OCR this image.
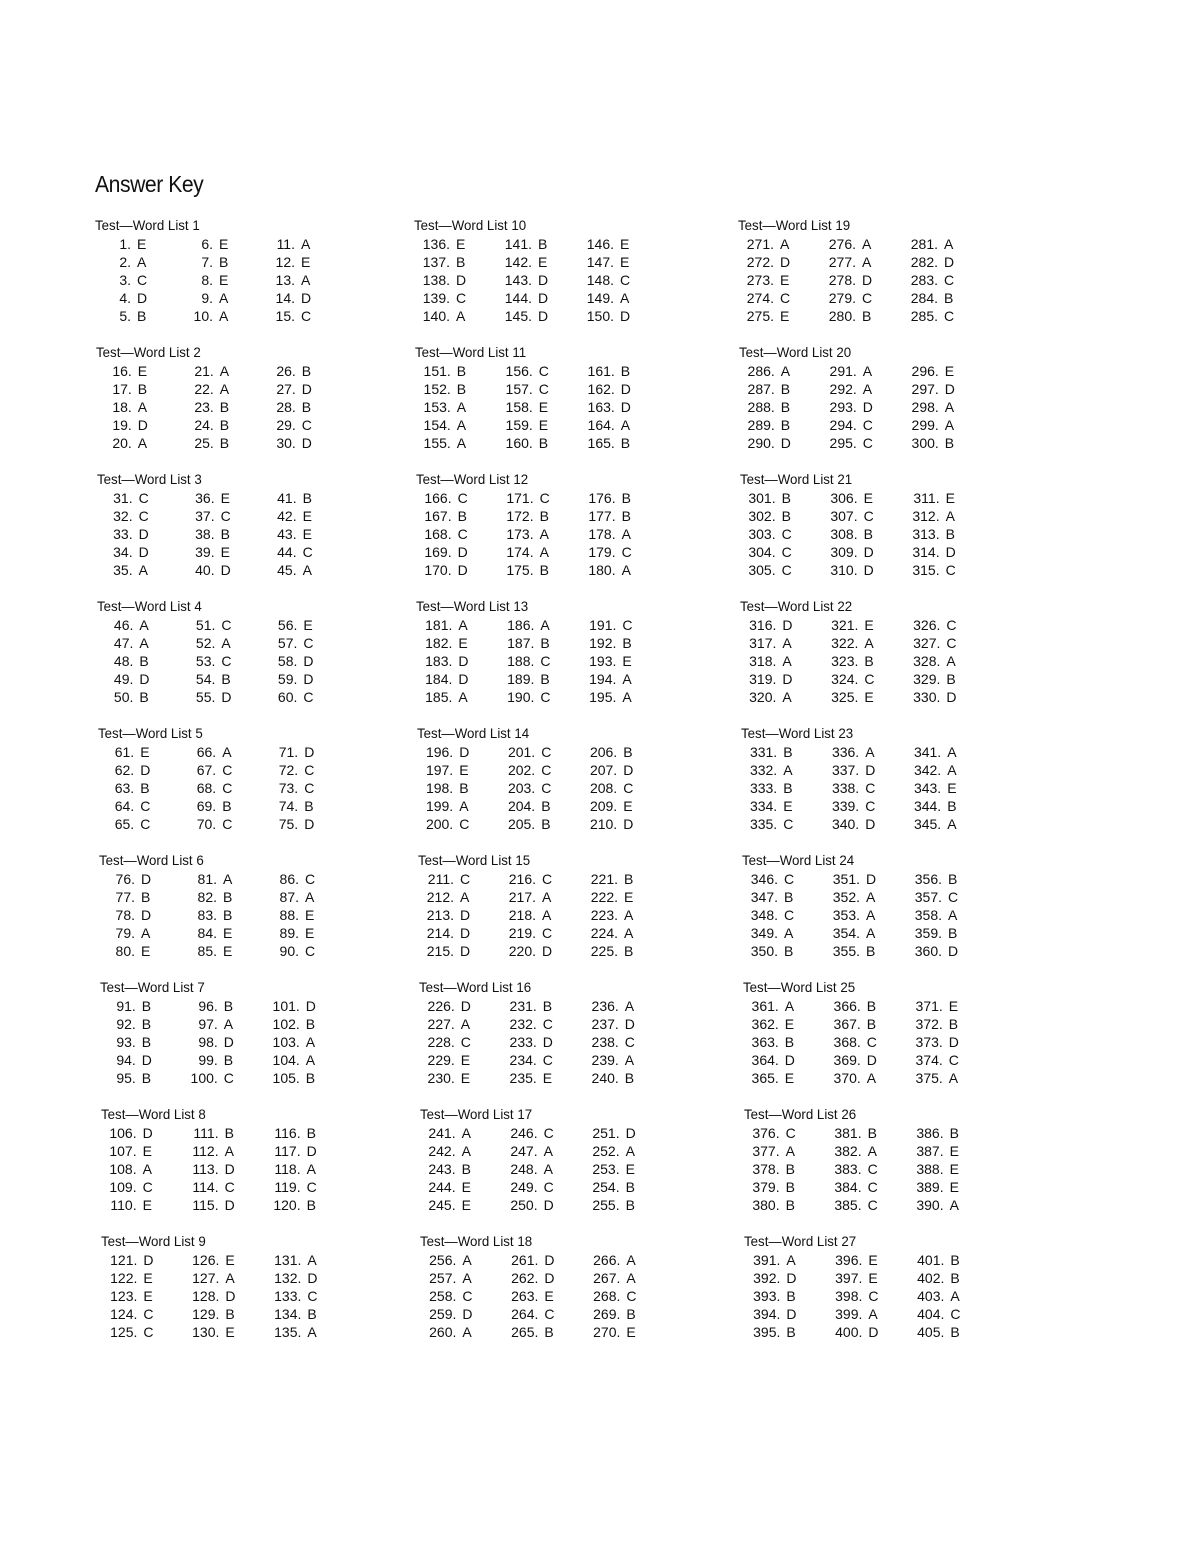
Answer Key
Test—Word List 1
1. E
2. A
3. C
4. D
5. B
6. E
7. B
8. E
9. A
10. A
11. A
12. E
13. A
14. D
15. C
Test—Word List 2
16. E
17. B
18. A
19. D
20. A
21. A
22. A
23. B
24. B
25. B
26. B
27. D
28. B
29. C
30. D
Test—Word List 3
31. C
32. C
33. D
34. D
35. A
36. E
37. C
38. B
39. E
40. D
41. B
42. E
43. E
44. C
45. A
Test—Word List 4
46. A
47. A
48. B
49. D
50. B
51. C
52. A
53. C
54. B
55. D
56. E
57. C
58. D
59. D
60. C
Test—Word List 5
61. E
62. D
63. B
64. C
65. C
66. A
67. C
68. C
69. B
70. C
71. D
72. C
73. C
74. B
75. D
Test—Word List 6
76. D
77. B
78. D
79. A
80. E
81. A
82. B
83. B
84. E
85. E
86. C
87. A
88. E
89. E
90. C
Test—Word List 7
91. B
92. B
93. B
94. D
95. B
96. B
97. A
98. D
99. B
100. C
101. D
102. B
103. A
104. A
105. B
Test—Word List 8
106. D
107. E
108. A
109. C
110. E
111. B
112. A
113. D
114. C
115. D
116. B
117. D
118. A
119. C
120. B
Test—Word List 9
121. D
122. E
123. E
124. C
125. C
126. E
127. A
128. D
129. B
130. E
131. A
132. D
133. C
134. B
135. A
Test—Word List 10
136. E
137. B
138. D
139. C
140. A
141. B
142. E
143. D
144. D
145. D
146. E
147. E
148. C
149. A
150. D
Test—Word List 11
151. B
152. B
153. A
154. A
155. A
156. C
157. C
158. E
159. E
160. B
161. B
162. D
163. D
164. A
165. B
Test—Word List 12
166. C
167. B
168. C
169. D
170. D
171. C
172. B
173. A
174. A
175. B
176. B
177. B
178. A
179. C
180. A
Test—Word List 13
181. A
182. E
183. D
184. D
185. A
186. A
187. B
188. C
189. B
190. C
191. C
192. B
193. E
194. A
195. A
Test—Word List 14
196. D
197. E
198. B
199. A
200. C
201. C
202. C
203. C
204. B
205. B
206. B
207. D
208. C
209. E
210. D
Test—Word List 15
211. C
212. A
213. D
214. D
215. D
216. C
217. A
218. A
219. C
220. D
221. B
222. E
223. A
224. A
225. B
Test—Word List 16
226. D
227. A
228. C
229. E
230. E
231. B
232. C
233. D
234. C
235. E
236. A
237. D
238. C
239. A
240. B
Test—Word List 17
241. A
242. A
243. B
244. E
245. E
246. C
247. A
248. A
249. C
250. D
251. D
252. A
253. E
254. B
255. B
Test—Word List 18
256. A
257. A
258. C
259. D
260. A
261. D
262. D
263. E
264. C
265. B
266. A
267. A
268. C
269. B
270. E
Test—Word List 19
271. A
272. D
273. E
274. C
275. E
276. A
277. A
278. D
279. C
280. B
281. A
282. D
283. C
284. B
285. C
Test—Word List 20
286. A
287. B
288. B
289. B
290. D
291. A
292. A
293. D
294. C
295. C
296. E
297. D
298. A
299. A
300. B
Test—Word List 21
301. B
302. B
303. C
304. C
305. C
306. E
307. C
308. B
309. D
310. D
311. E
312. A
313. B
314. D
315. C
Test—Word List 22
316. D
317. A
318. A
319. D
320. A
321. E
322. A
323. B
324. C
325. E
326. C
327. C
328. A
329. B
330. D
Test—Word List 23
331. B
332. A
333. B
334. E
335. C
336. A
337. D
338. C
339. C
340. D
341. A
342. A
343. E
344. B
345. A
Test—Word List 24
346. C
347. B
348. C
349. A
350. B
351. D
352. A
353. A
354. A
355. B
356. B
357. C
358. A
359. B
360. D
Test—Word List 25
361. A
362. E
363. B
364. D
365. E
366. B
367. B
368. C
369. D
370. A
371. E
372. B
373. D
374. C
375. A
Test—Word List 26
376. C
377. A
378. B
379. B
380. B
381. B
382. A
383. C
384. C
385. C
386. B
387. E
388. E
389. E
390. A
Test—Word List 27
391. A
392. D
393. B
394. D
395. B
396. E
397. E
398. C
399. A
400. D
401. B
402. B
403. A
404. C
405. B
